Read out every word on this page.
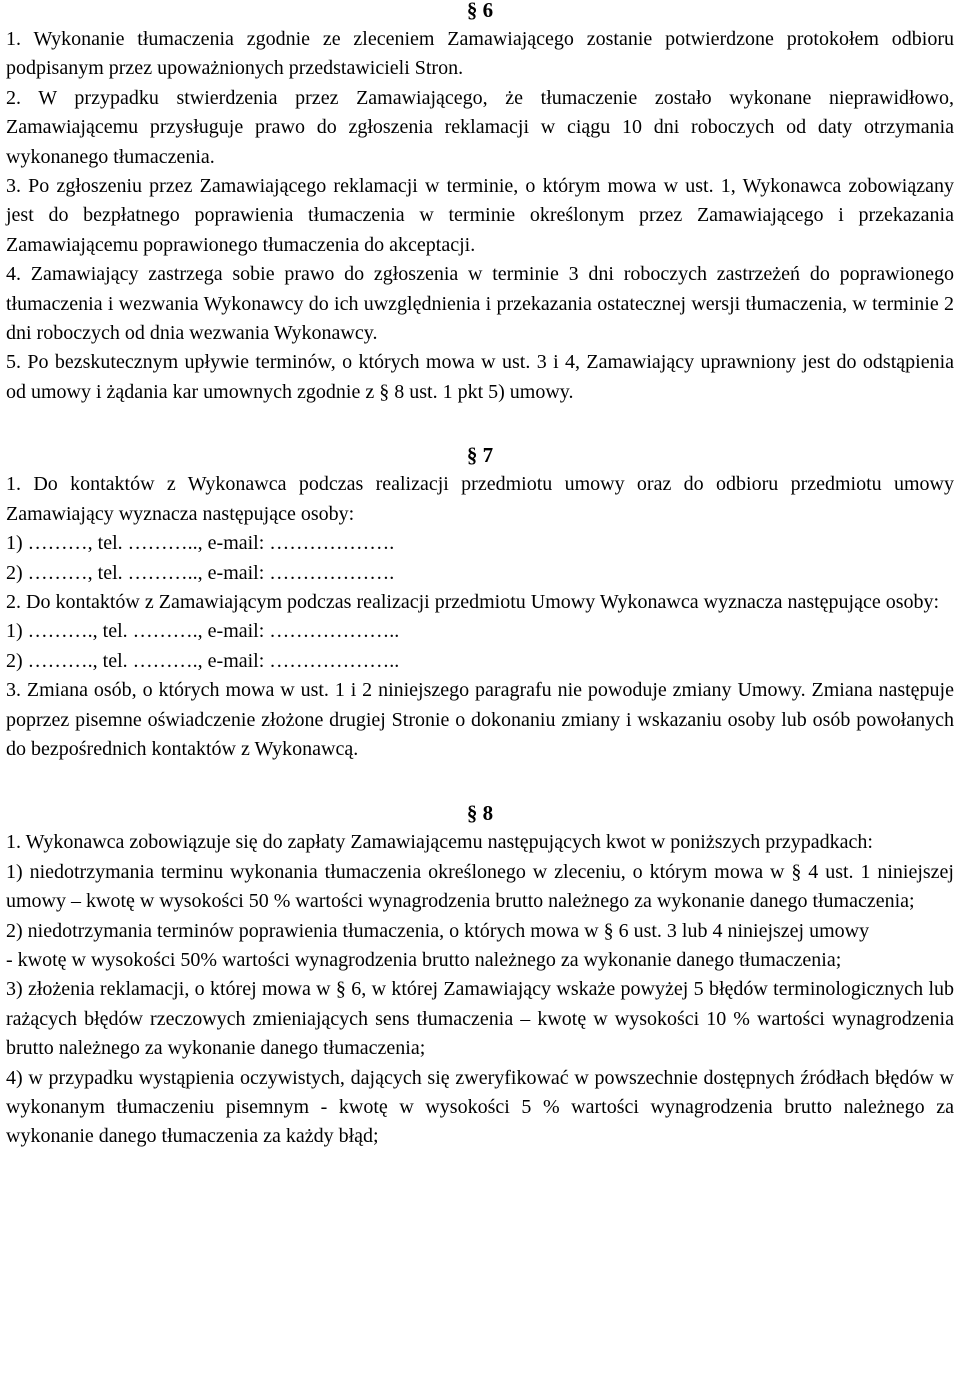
§ 6

1. Wykonanie tłumaczenia zgodnie ze zleceniem Zamawiającego zostanie potwierdzone protokołem odbioru podpisanym przez upoważnionych przedstawicieli Stron.

2. W przypadku stwierdzenia przez Zamawiającego, że tłumaczenie zostało wykonane nieprawidłowo, Zamawiającemu przysługuje prawo do zgłoszenia reklamacji w ciągu 10 dni roboczych od daty otrzymania wykonanego tłumaczenia.

3. Po zgłoszeniu przez Zamawiającego reklamacji w terminie, o którym mowa w ust. 1, Wykonawca zobowiązany jest do bezpłatnego poprawienia tłumaczenia w terminie określonym przez Zamawiającego i przekazania Zamawiającemu poprawionego tłumaczenia do akceptacji.

4. Zamawiający zastrzega sobie prawo do zgłoszenia w terminie 3 dni roboczych zastrzeżeń do poprawionego tłumaczenia i wezwania Wykonawcy do ich uwzględnienia i przekazania ostatecznej wersji tłumaczenia, w terminie 2 dni roboczych od dnia wezwania Wykonawcy.

5. Po bezskutecznym upływie terminów, o których mowa w ust. 3 i 4, Zamawiający uprawniony jest do odstąpienia od umowy i żądania kar umownych zgodnie z § 8 ust. 1 pkt 5) umowy.

§ 7

1. Do kontaktów z Wykonawca podczas realizacji przedmiotu umowy oraz do odbioru przedmiotu umowy Zamawiający wyznacza następujące osoby:

1) ………, tel. ……….., e-mail: ……………….

2) ………, tel. ……….., e-mail: ……………….

2. Do kontaktów z Zamawiającym podczas realizacji przedmiotu Umowy Wykonawca wyznacza następujące osoby:

1) ………., tel. ………., e-mail: ………………..

2) ………., tel. ………., e-mail: ………………..

3. Zmiana osób, o których mowa w ust. 1 i 2 niniejszego paragrafu nie powoduje zmiany Umowy. Zmiana następuje poprzez pisemne oświadczenie złożone drugiej Stronie o dokonaniu zmiany i wskazaniu osoby lub osób powołanych do bezpośrednich kontaktów z Wykonawcą.

§ 8

1. Wykonawca zobowiązuje się do zapłaty Zamawiającemu następujących kwot w poniższych przypadkach:

1) niedotrzymania terminu wykonania tłumaczenia określonego w zleceniu, o którym mowa w § 4 ust. 1 niniejszej umowy – kwotę w wysokości 50 % wartości wynagrodzenia brutto należnego za wykonanie danego tłumaczenia;

2) niedotrzymania terminów poprawienia tłumaczenia, o których mowa w § 6 ust. 3 lub 4 niniejszej umowy

- kwotę w wysokości 50% wartości wynagrodzenia brutto należnego za wykonanie danego tłumaczenia;

3) złożenia reklamacji, o której mowa w § 6, w której Zamawiający wskaże powyżej 5 błędów terminologicznych lub rażących błędów rzeczowych zmieniających sens tłumaczenia – kwotę w wysokości 10 % wartości wynagrodzenia brutto należnego za wykonanie danego tłumaczenia;

4) w przypadku wystąpienia oczywistych, dających się zweryfikować w powszechnie dostępnych źródłach błędów w wykonanym tłumaczeniu pisemnym - kwotę w wysokości 5 % wartości wynagrodzenia brutto należnego za wykonanie danego tłumaczenia za każdy błąd;
